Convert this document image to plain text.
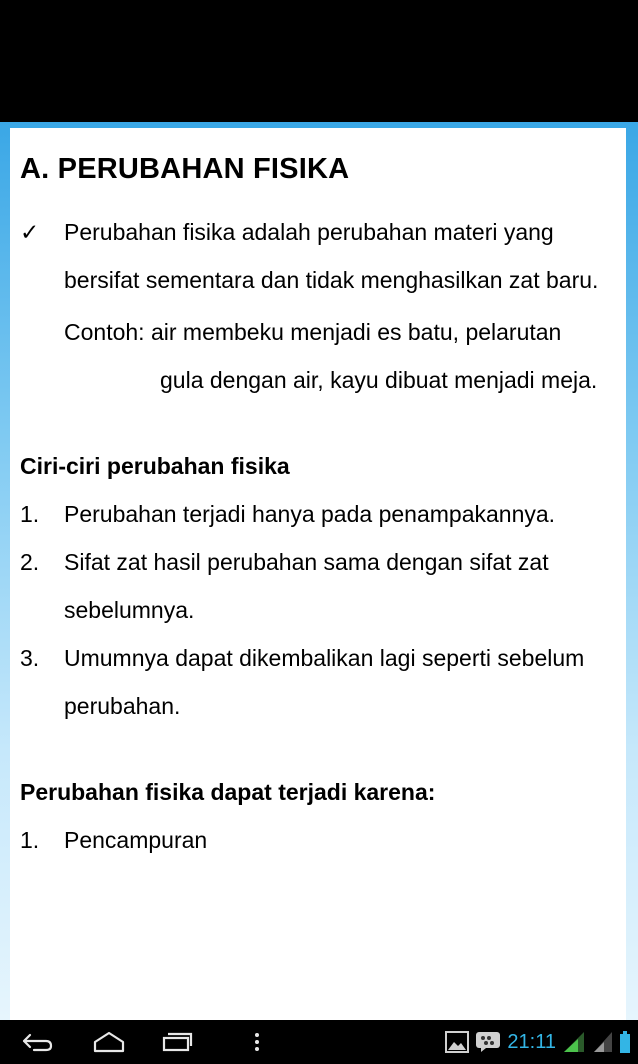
A. PERUBAHAN FISIKA
✓	Perubahan fisika adalah perubahan materi yang bersifat sementara dan tidak menghasilkan zat baru.
Contoh: air membeku menjadi es batu, pelarutan
gula dengan air, kayu dibuat menjadi meja.
Ciri-ciri perubahan fisika
1.	Perubahan terjadi hanya pada penampakannya.
2.	Sifat zat hasil perubahan sama dengan sifat zat sebelumnya.
3.	Umumnya dapat dikembalikan lagi seperti sebelum perubahan.
Perubahan fisika dapat terjadi karena:
1.	Pencampuran
21:11
